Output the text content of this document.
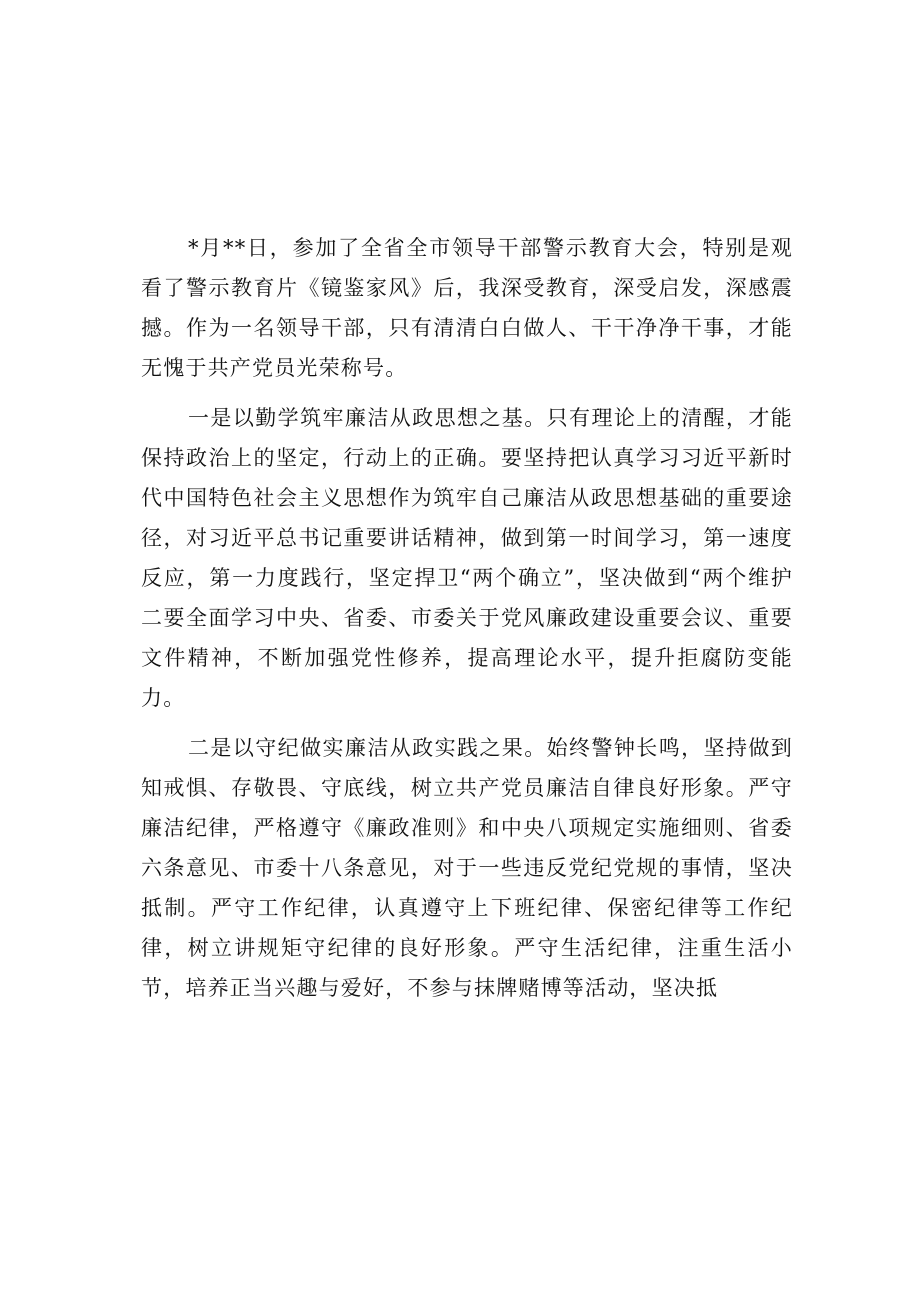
*月**日，参加了全省全市领导干部警示教育大会，特别是观看了警示教育片《镜鉴家风》后，我深受教育，深受启发，深感震撼。作为一名领导干部，只有清清白白做人、干干净净干事，才能无愧于共产党员光荣称号。

一是以勤学筑牢廉洁从政思想之基。只有理论上的清醒，才能保持政治上的坚定，行动上的正确。要坚持把认真学习习近平新时代中国特色社会主义思想作为筑牢自己廉洁从政思想基础的重要途径，对习近平总书记重要讲话精神，做到第一时间学习，第一速度反应，第一力度践行，坚定捍卫“两个确立”，坚决做到“两个维护二要全面学习中央、省委、市委关于党风廉政建设重要会议、重要文件精神，不断加强党性修养，提高理论水平，提升拒腐防变能力。

二是以守纪做实廉洁从政实践之果。始终警钟长鸣，坚持做到知戒惧、存敬畏、守底线，树立共产党员廉洁自律良好形象。严守廉洁纪律，严格遵守《廉政准则》和中央八项规定实施细则、省委六条意见、市委十八条意见，对于一些违反党纪党规的事情，坚决抵制。严守工作纪律，认真遵守上下班纪律、保密纪律等工作纪律，树立讲规矩守纪律的良好形象。严守生活纪律，注重生活小节，培养正当兴趣与爱好，不参与抹牌赌博等活动，坚决抵
